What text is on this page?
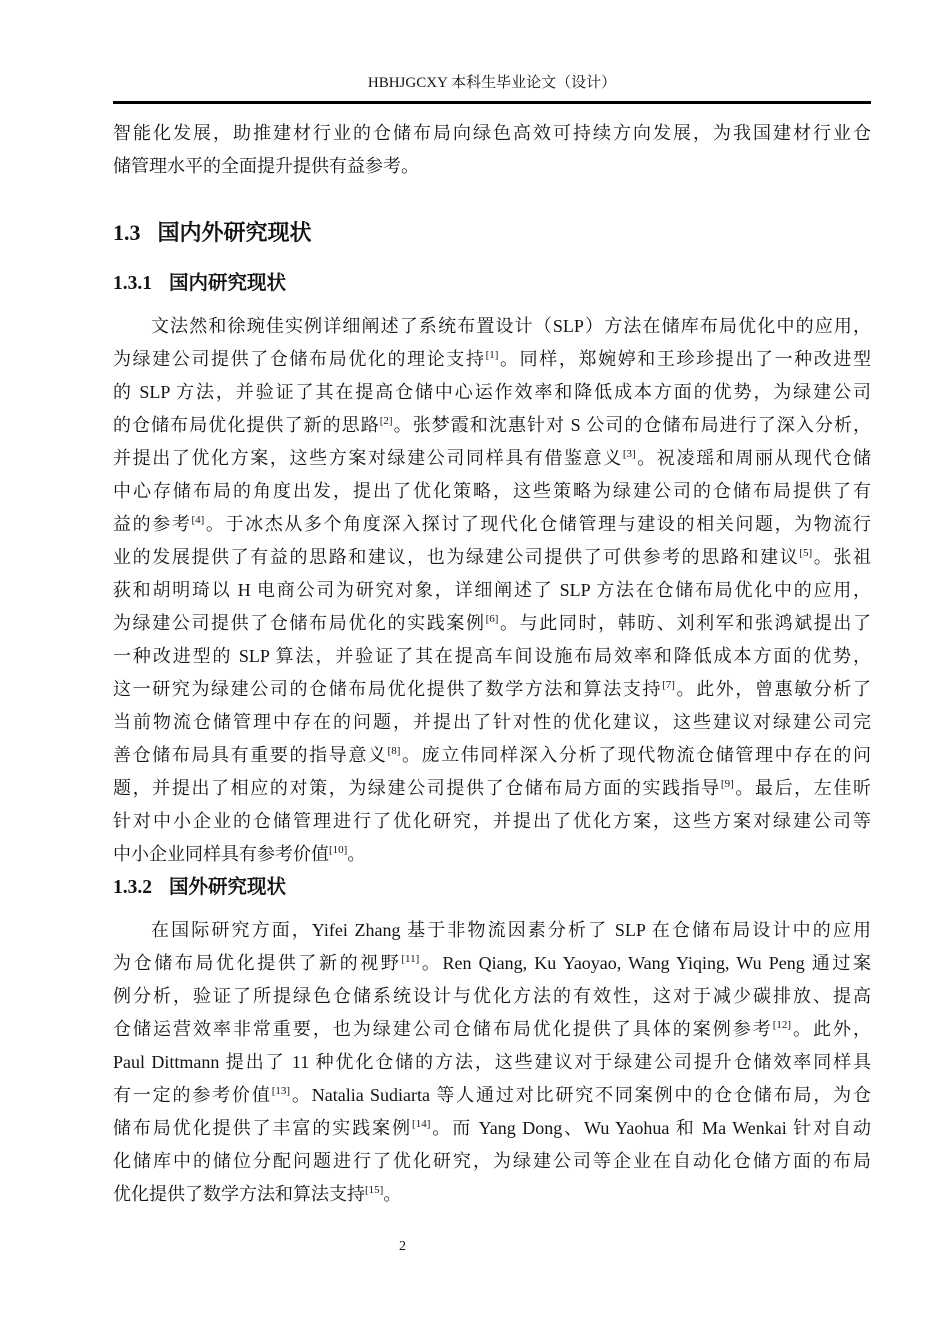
HBHJGCXY 本科生毕业论文（设计）
智能化发展，助推建材行业的仓储布局向绿色高效可持续方向发展，为我国建材行业仓
储管理水平的全面提升提供有益参考。
1.3 国内外研究现状
1.3.1 国内研究现状
文法然和徐琬佳实例详细阐述了系统布置设计（SLP）方法在储库布局优化中的应用，
为绿建公司提供了仓储布局优化的理论支持[1]。同样，郑婉婷和王珍珍提出了一种改进型
的 SLP 方法，并验证了其在提高仓储中心运作效率和降低成本方面的优势，为绿建公司
的仓储布局优化提供了新的思路[2]。张梦霞和沈惠针对 S 公司的仓储布局进行了深入分析，
并提出了优化方案，这些方案对绿建公司同样具有借鉴意义[3]。祝凌瑶和周丽从现代仓储
中心存储布局的角度出发，提出了优化策略，这些策略为绿建公司的仓储布局提供了有
益的参考[4]。于冰杰从多个角度深入探讨了现代化仓储管理与建设的相关问题，为物流行
业的发展提供了有益的思路和建议，也为绿建公司提供了可供参考的思路和建议[5]。张祖
荻和胡明琦以 H 电商公司为研究对象，详细阐述了 SLP 方法在仓储布局优化中的应用，
为绿建公司提供了仓储布局优化的实践案例[6]。与此同时，韩昉、刘利军和张鸿斌提出了
一种改进型的 SLP 算法，并验证了其在提高车间设施布局效率和降低成本方面的优势，
这一研究为绿建公司的仓储布局优化提供了数学方法和算法支持[7]。此外，曾惠敏分析了
当前物流仓储管理中存在的问题，并提出了针对性的优化建议，这些建议对绿建公司完
善仓储布局具有重要的指导意义[8]。庞立伟同样深入分析了现代物流仓储管理中存在的问
题，并提出了相应的对策，为绿建公司提供了仓储布局方面的实践指导[9]。最后，左佳昕
针对中小企业的仓储管理进行了优化研究，并提出了优化方案，这些方案对绿建公司等
中小企业同样具有参考价值[10]。
1.3.2 国外研究现状
在国际研究方面，Yifei Zhang 基于非物流因素分析了 SLP 在仓储布局设计中的应用
为仓储布局优化提供了新的视野[11]。Ren Qiang, Ku Yaoyao, Wang Yiqing, Wu Peng 通过案
例分析，验证了所提绿色仓储系统设计与优化方法的有效性，这对于减少碳排放、提高
仓储运营效率非常重要，也为绿建公司仓储布局优化提供了具体的案例参考[12]。此外，
Paul Dittmann 提出了 11 种优化仓储的方法，这些建议对于绿建公司提升仓储效率同样具
有一定的参考价值[13]。Natalia Sudiarta 等人通过对比研究不同案例中的仓仓储布局，为仓
储布局优化提供了丰富的实践案例[14]。而 Yang Dong、Wu Yaohua 和 Ma Wenkai 针对自动
化储库中的储位分配问题进行了优化研究，为绿建公司等企业在自动化仓储方面的布局
优化提供了数学方法和算法支持[15]。
2
